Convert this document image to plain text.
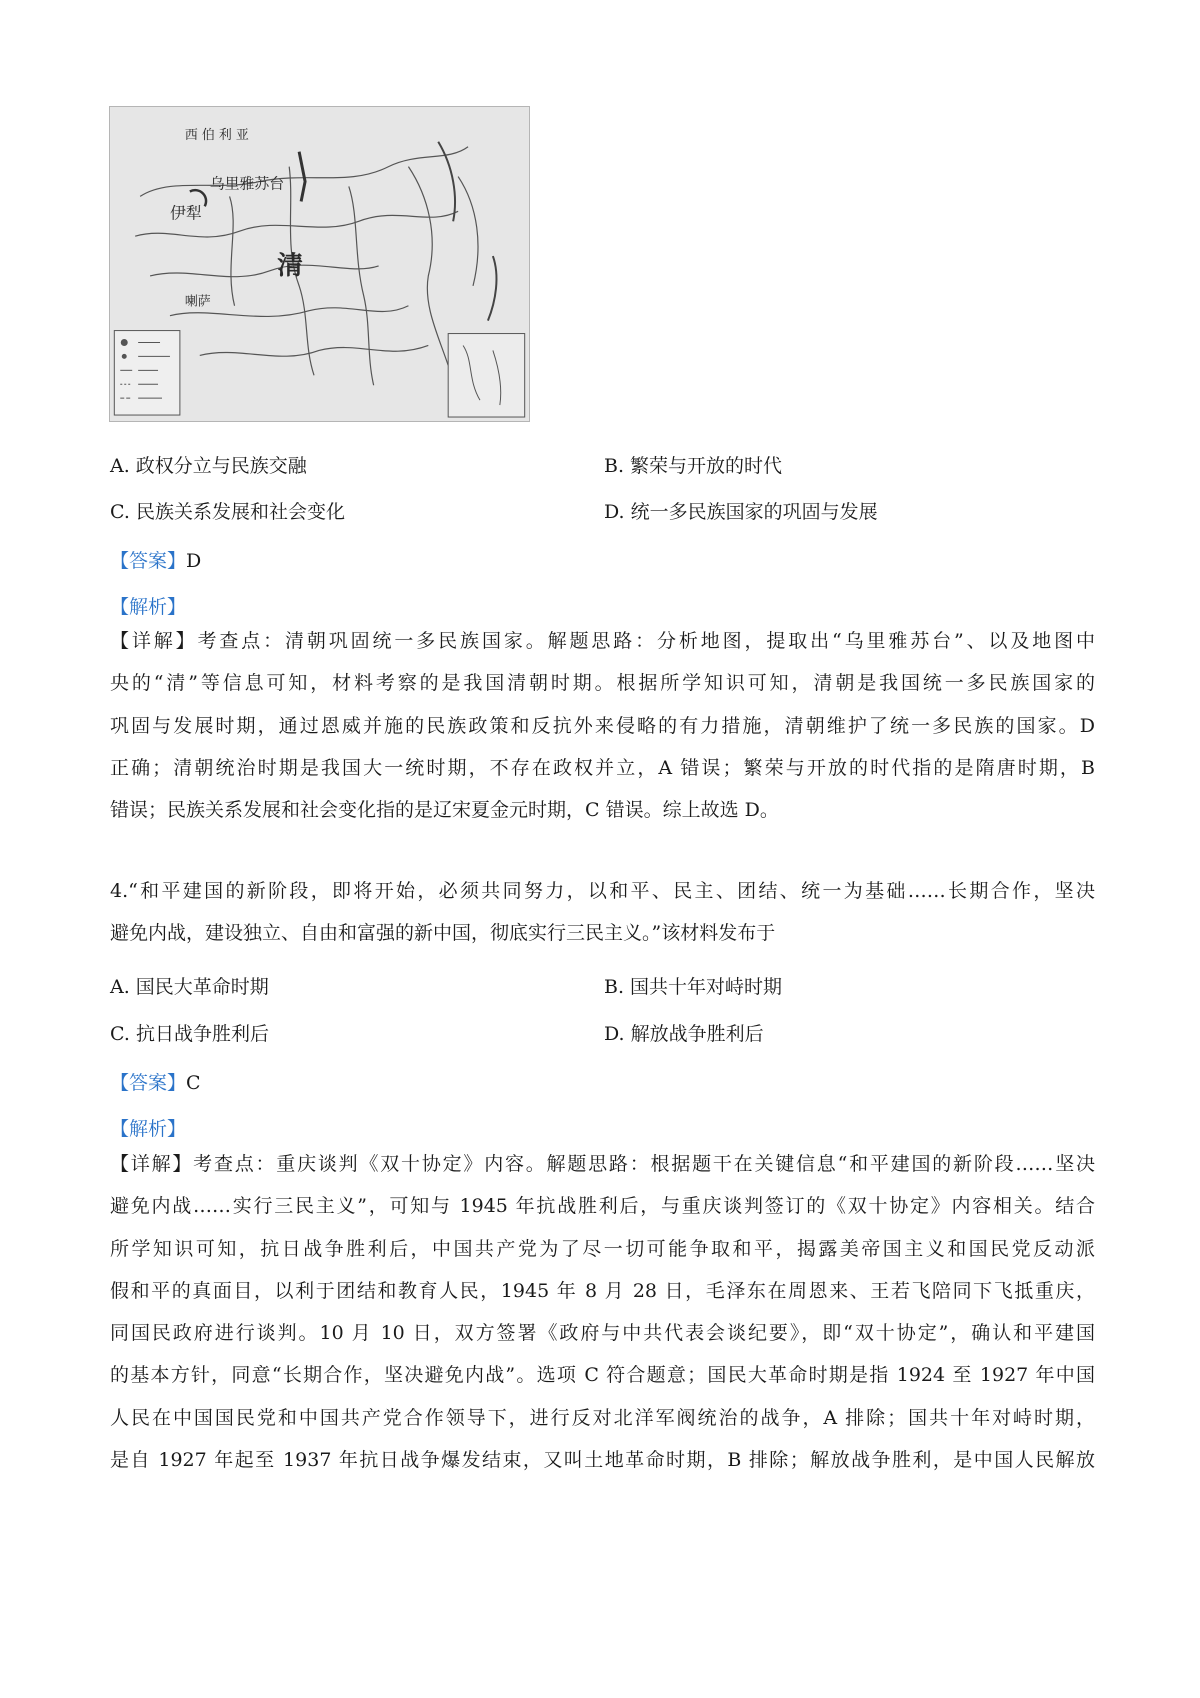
西 伯 利 亚
乌里雅苏台
伊犁
清
喇萨
A. 政权分立与民族交融	B. 繁荣与开放的时代
C. 民族关系发展和社会变化	D. 统一多民族国家的巩固与发展
【答案】D
【解析】
【详解】考查点：清朝巩固统一多民族国家。解题思路：分析地图，提取出“乌里雅苏台”、以及地图中
央的“清”等信息可知，材料考察的是我国清朝时期。根据所学知识可知，清朝是我国统一多民族国家的
巩固与发展时期，通过恩威并施的民族政策和反抗外来侵略的有力措施，清朝维护了统一多民族的国家。D
正确；清朝统治时期是我国大一统时期，不存在政权并立，A 错误；繁荣与开放的时代指的是隋唐时期，B
错误；民族关系发展和社会变化指的是辽宋夏金元时期，C 错误。综上故选 D。
4.“和平建国的新阶段，即将开始，必须共同努力，以和平、民主、团结、统一为基础……长期合作，坚决
避免内战，建设独立、自由和富强的新中国，彻底实行三民主义。”该材料发布于
A. 国民大革命时期	B. 国共十年对峙时期
C. 抗日战争胜利后	D. 解放战争胜利后
【答案】C
【解析】
【详解】考查点：重庆谈判《双十协定》内容。解题思路：根据题干在关键信息“和平建国的新阶段……坚决
避免内战……实行三民主义”，可知与 1945 年抗战胜利后，与重庆谈判签订的《双十协定》内容相关。结合
所学知识可知，抗日战争胜利后，中国共产党为了尽一切可能争取和平，揭露美帝国主义和国民党反动派
假和平的真面目，以利于团结和教育人民，1945 年 8 月 28 日，毛泽东在周恩来、王若飞陪同下飞抵重庆，
同国民政府进行谈判。10 月 10 日，双方签署《政府与中共代表会谈纪要》，即“双十协定”，确认和平建国
的基本方针，同意“长期合作，坚决避免内战”。选项 C 符合题意；国民大革命时期是指 1924 至 1927 年中国
人民在中国国民党和中国共产党合作领导下，进行反对北洋军阀统治的战争，A 排除；国共十年对峙时期，
是自 1927 年起至 1937 年抗日战争爆发结束，又叫土地革命时期，B 排除；解放战争胜利，是中国人民解放
